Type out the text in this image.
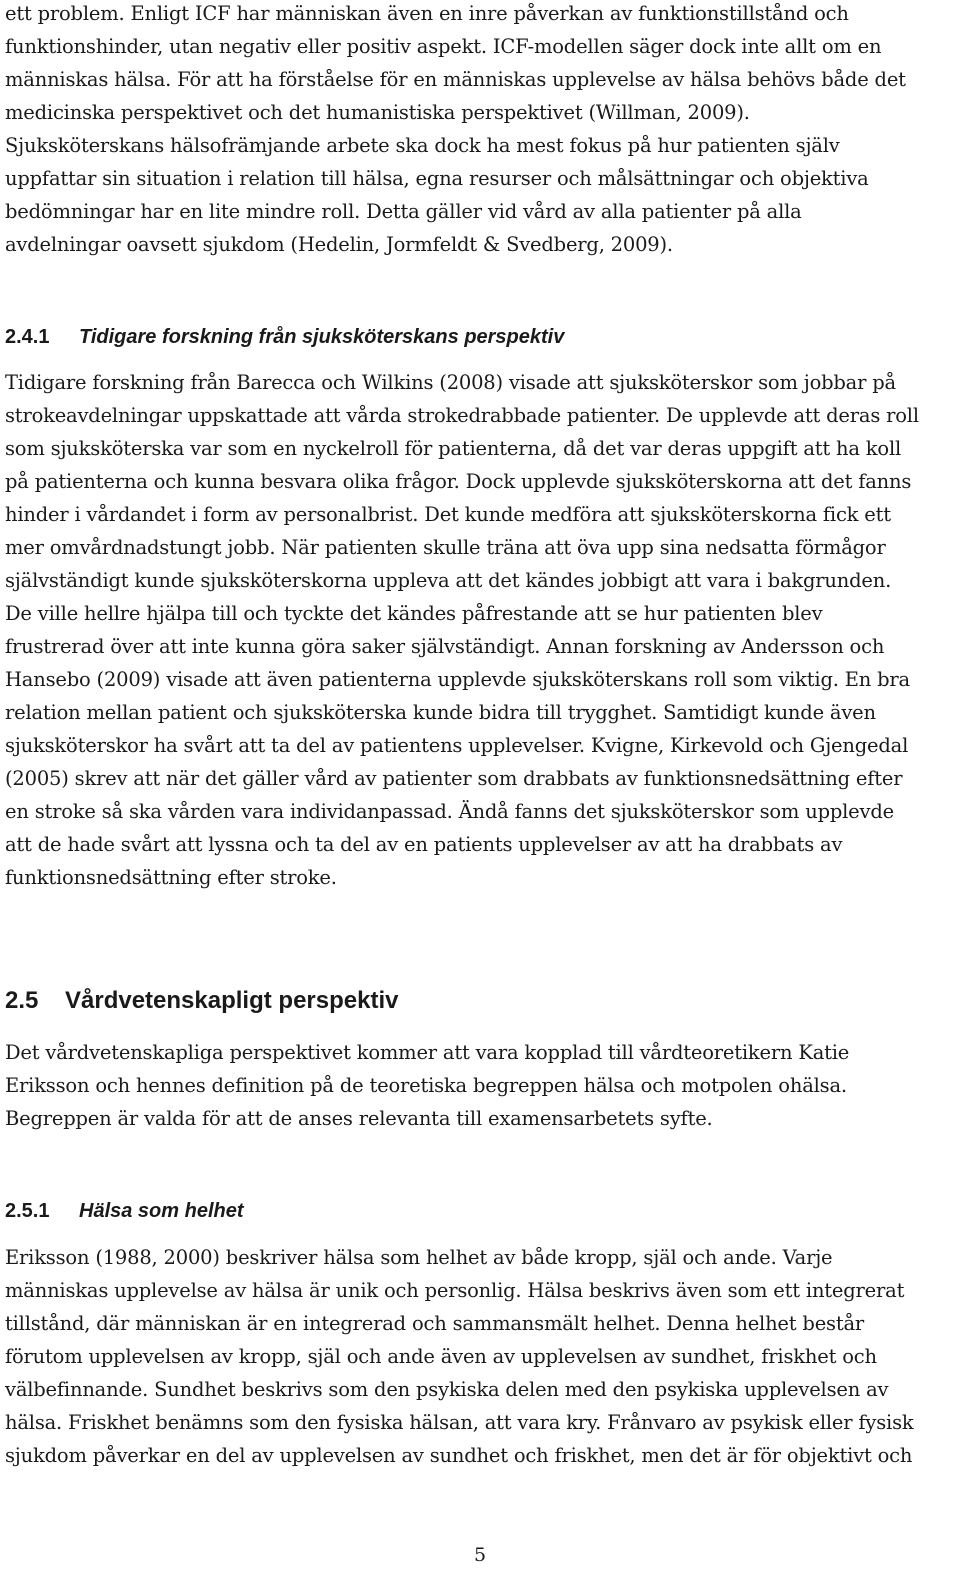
ett problem. Enligt ICF har människan även en inre påverkan av funktionstillstånd och
funktionshinder, utan negativ eller positiv aspekt. ICF-modellen säger dock inte allt om en
människas hälsa. För att ha förståelse för en människas upplevelse av hälsa behövs både det
medicinska perspektivet och det humanistiska perspektivet (Willman, 2009).
Sjuksköterskans hälsofrämjande arbete ska dock ha mest fokus på hur patienten själv
uppfattar sin situation i relation till hälsa, egna resurser och målsättningar och objektiva
bedömningar har en lite mindre roll. Detta gäller vid vård av alla patienter på alla
avdelningar oavsett sjukdom (Hedelin, Jormfeldt & Svedberg, 2009).
2.4.1 Tidigare forskning från sjuksköterskans perspektiv
Tidigare forskning från Barecca och Wilkins (2008) visade att sjuksköterskor som jobbar på
strokeavdelningar uppskattade att vårda strokedrabbade patienter. De upplevde att deras roll
som sjuksköterska var som en nyckelroll för patienterna, då det var deras uppgift att ha koll
på patienterna och kunna besvara olika frågor. Dock upplevde sjuksköterskorna att det fanns
hinder i vårdandet i form av personalbrist. Det kunde medföra att sjuksköterskorna fick ett
mer omvårdnadstungt jobb. När patienten skulle träna att öva upp sina nedsatta förmågor
självständigt kunde sjuksköterskorna uppleva att det kändes jobbigt att vara i bakgrunden.
De ville hellre hjälpa till och tyckte det kändes påfrestande att se hur patienten blev
frustrerad över att inte kunna göra saker självständigt. Annan forskning av Andersson och
Hansebo (2009) visade att även patienterna upplevde sjuksköterskans roll som viktig. En bra
relation mellan patient och sjuksköterska kunde bidra till trygghet. Samtidigt kunde även
sjuksköterskor ha svårt att ta del av patientens upplevelser. Kvigne, Kirkevold och Gjengedal
(2005) skrev att när det gäller vård av patienter som drabbats av funktionsnedsättning efter
en stroke så ska vården vara individanpassad. Ändå fanns det sjuksköterskor som upplevde
att de hade svårt att lyssna och ta del av en patients upplevelser av att ha drabbats av
funktionsnedsättning efter stroke.
2.5 Vårdvetenskapligt perspektiv
Det vårdvetenskapliga perspektivet kommer att vara kopplad till vårdteoretikern Katie
Eriksson och hennes definition på de teoretiska begreppen hälsa och motpolen ohälsa.
Begreppen är valda för att de anses relevanta till examensarbetets syfte.
2.5.1 Hälsa som helhet
Eriksson (1988, 2000) beskriver hälsa som helhet av både kropp, själ och ande. Varje
människas upplevelse av hälsa är unik och personlig. Hälsa beskrivs även som ett integrerat
tillstånd, där människan är en integrerad och sammansmält helhet. Denna helhet består
förutom upplevelsen av kropp, själ och ande även av upplevelsen av sundhet, friskhet och
välbefinnande. Sundhet beskrivs som den psykiska delen med den psykiska upplevelsen av
hälsa. Friskhet benämns som den fysiska hälsan, att vara kry. Frånvaro av psykisk eller fysisk
sjukdom påverkar en del av upplevelsen av sundhet och friskhet, men det är för objektivt och
5
